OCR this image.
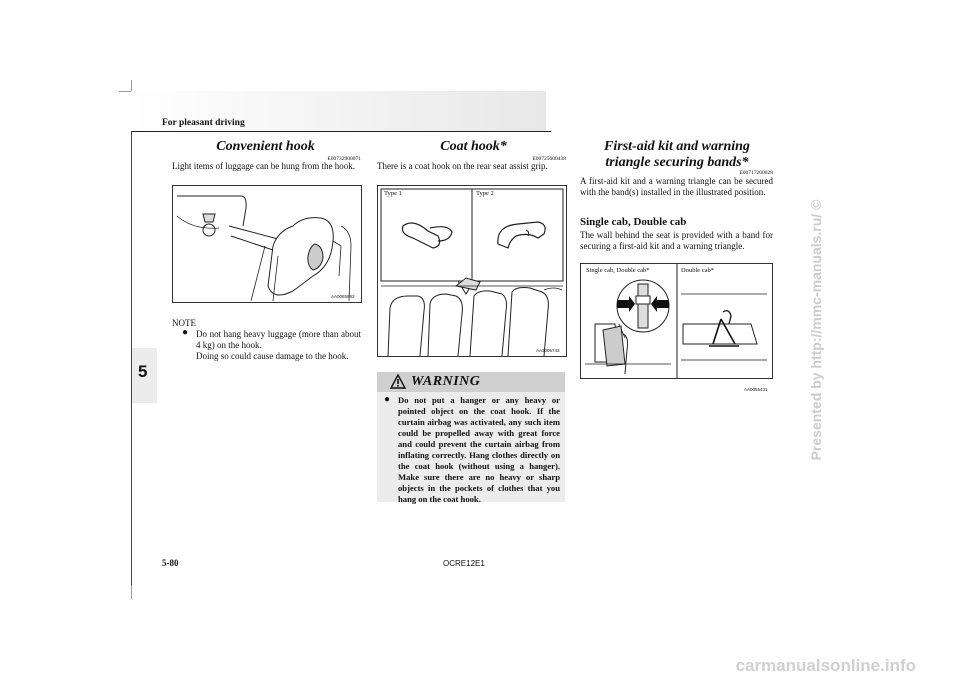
For pleasant driving
5
Convenient hook
E00732900071
Light items of luggage can be hung from the hook.
AA0085993
NOTE
● Do not hang heavy luggage (more than about 4 kg) on the hook.
Doing so could cause damage to the hook.
Coat hook*
E00725600438
There is a coat hook on the rear seat assist grip.
Type 1	Type 2
AA3005743
WARNING
● Do not put a hanger or any heavy or pointed object on the coat hook. If the curtain airbag was activated, any such item could be propelled away with great force and could prevent the curtain airbag from inflating correctly. Hang clothes directly on the coat hook (without using a hanger). Make sure there are no heavy or sharp objects in the pockets of clothes that you hang on the coat hook.
First-aid kit and warning
triangle securing bands*
E00717200028
A first-aid kit and a warning triangle can be secured with the band(s) installed in the illustrated position.
Single cab, Double cab
The wall behind the seat is provided with a band for securing a first-aid kit and a warning triangle.
Single cab, Double cab*	Double cab*
AA0055431
5-80	OCRE12E1
Presented by http://mmc-manuals.ru/ ©
carmanualsonline.info
